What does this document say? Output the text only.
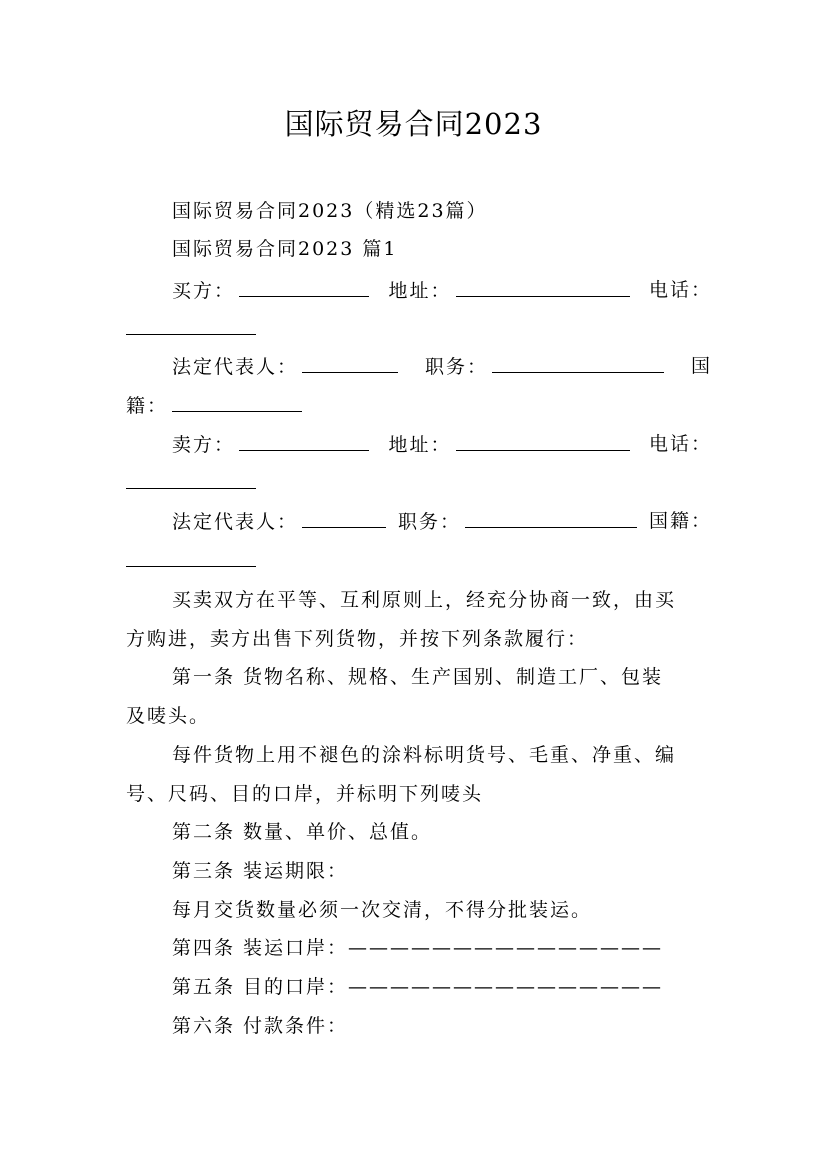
国际贸易合同2023
国际贸易合同2023（精选23篇）
国际贸易合同2023 篇1
买方：	地址：	电话：
法定代表人：	职务：	国
籍：
卖方：	地址：	电话：
法定代表人：	职务：	国籍：
买卖双方在平等、互利原则上，经充分协商一致，由买
方购进，卖方出售下列货物，并按下列条款履行：
第一条 货物名称、规格、生产国别、制造工厂、包装
及唛头。
每件货物上用不褪色的涂料标明货号、毛重、净重、编
号、尺码、目的口岸，并标明下列唛头
第二条 数量、单价、总值。
第三条 装运期限：
每月交货数量必须一次交清，不得分批装运。
第四条 装运口岸：———————————————
第五条 目的口岸：———————————————
第六条 付款条件：
